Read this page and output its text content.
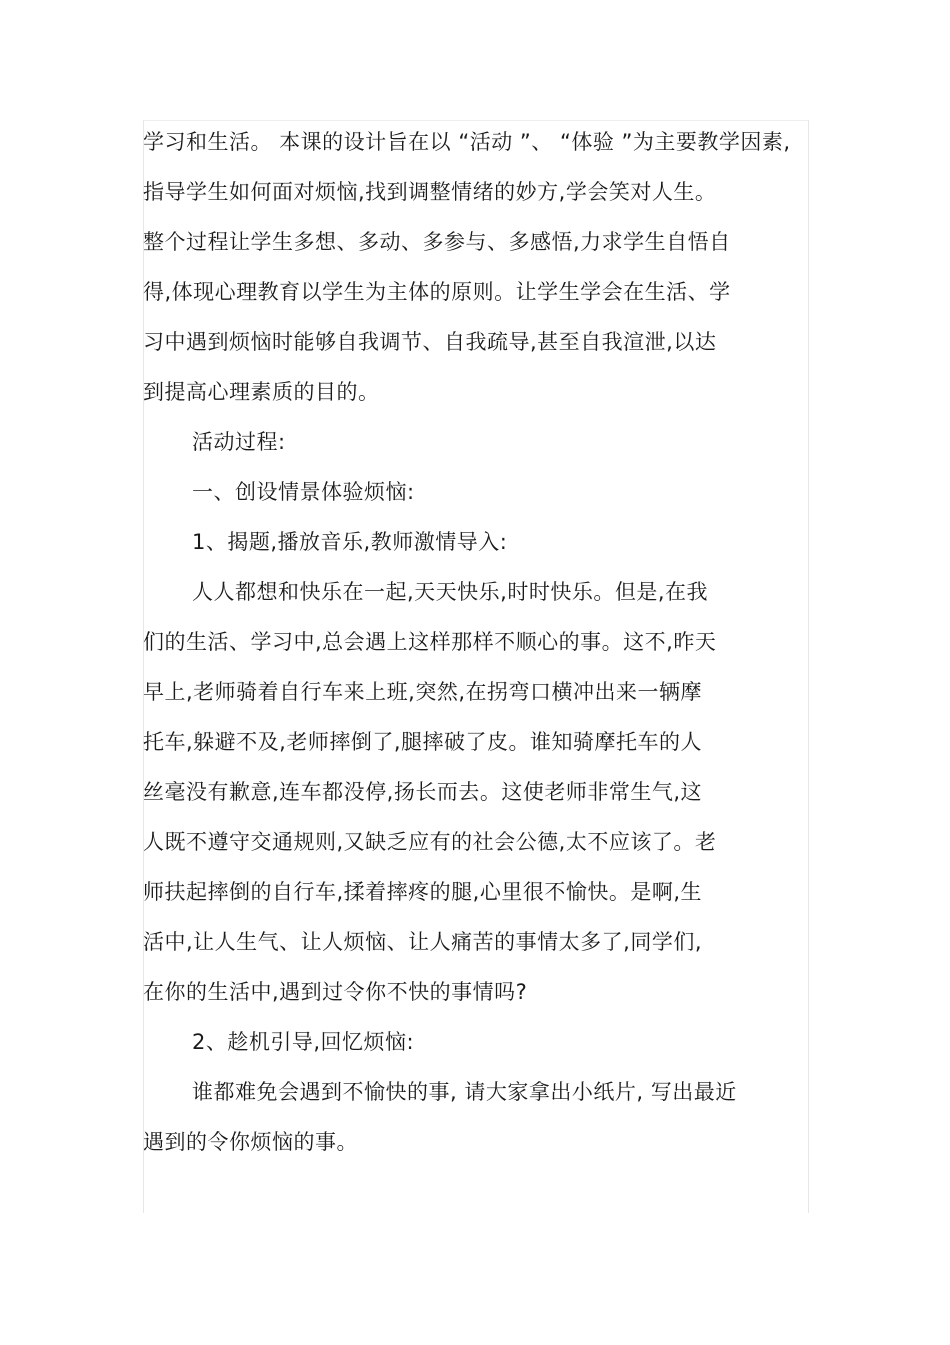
学习和生活。 本课的设计旨在以 “活动 ”、 “体验 ”为主要教学因素,
指导学生如何面对烦恼,找到调整情绪的妙方,学会笑对人生。
整个过程让学生多想、多动、多参与、多感悟,力求学生自悟自
得,体现心理教育以学生为主体的原则。让学生学会在生活、学
习中遇到烦恼时能够自我调节、自我疏导,甚至自我渲泄,以达
到提高心理素质的目的。
活动过程:
一、创设情景体验烦恼:
1、揭题,播放音乐,教师激情导入:
人人都想和快乐在一起,天天快乐,时时快乐。但是,在我
们的生活、学习中,总会遇上这样那样不顺心的事。这不,昨天
早上,老师骑着自行车来上班,突然,在拐弯口横冲出来一辆摩
托车,躲避不及,老师摔倒了,腿摔破了皮。谁知骑摩托车的人
丝毫没有歉意,连车都没停,扬长而去。这使老师非常生气,这
人既不遵守交通规则,又缺乏应有的社会公德,太不应该了。老
师扶起摔倒的自行车,揉着摔疼的腿,心里很不愉快。是啊,生
活中,让人生气、让人烦恼、让人痛苦的事情太多了,同学们,
在你的生活中,遇到过令你不快的事情吗?
2、趁机引导,回忆烦恼:
谁都难免会遇到不愉快的事, 请大家拿出小纸片, 写出最近
遇到的令你烦恼的事。
